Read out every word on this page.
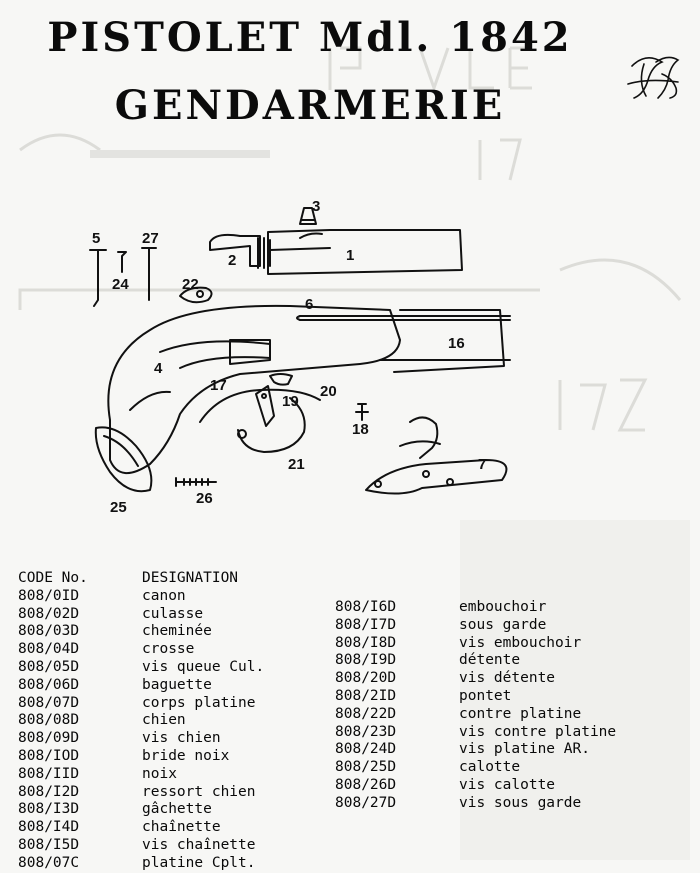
PISTOLET Mdl. 1842
GENDARMERIE
1
2
3
4
5
6
7
16
17
19
20
18
21
22
24
25
26
27
CODE No.	DESIGNATION
808/0ID	canon
808/02D	culasse
808/03D	cheminée
808/04D	crosse
808/05D	vis queue Cul.
808/06D	baguette
808/07D	corps platine
808/08D	chien
808/09D	vis chien
808/IOD	bride noix
808/IID	noix
808/I2D	ressort chien
808/I3D	gâchette
808/I4D	chaînette
808/I5D	vis chaînette
808/07C	platine Cplt.
808/I6D	embouchoir
808/I7D	sous garde
808/I8D	vis embouchoir
808/I9D	détente
808/20D	vis détente
808/2ID	pontet
808/22D	contre platine
808/23D	vis contre platine
808/24D	vis platine AR.
808/25D	calotte
808/26D	vis calotte
808/27D	vis sous garde
